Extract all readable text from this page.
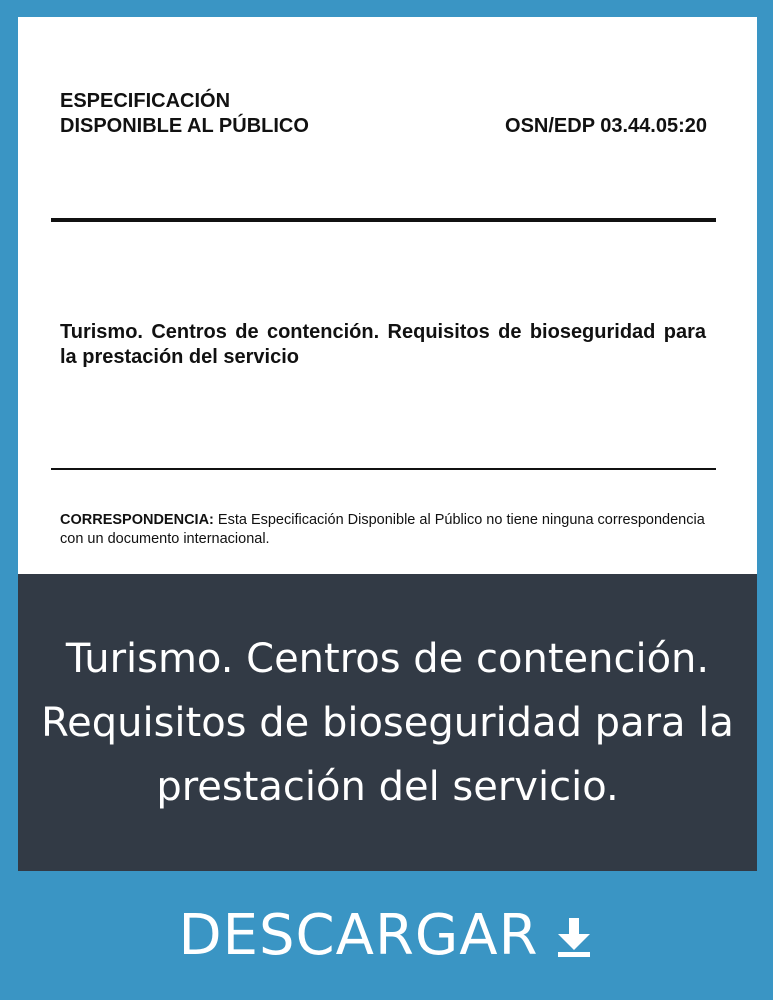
ESPECIFICACIÓN
DISPONIBLE AL PÚBLICO	OSN/EDP 03.44.05:20
Turismo. Centros de contención. Requisitos de bioseguridad para la prestación del servicio
CORRESPONDENCIA: Esta Especificación Disponible al Público no tiene ninguna correspondencia con un documento internacional.

Turismo. Centros de contención. Requisitos de bioseguridad para la prestación del servicio.

DESCARGAR
